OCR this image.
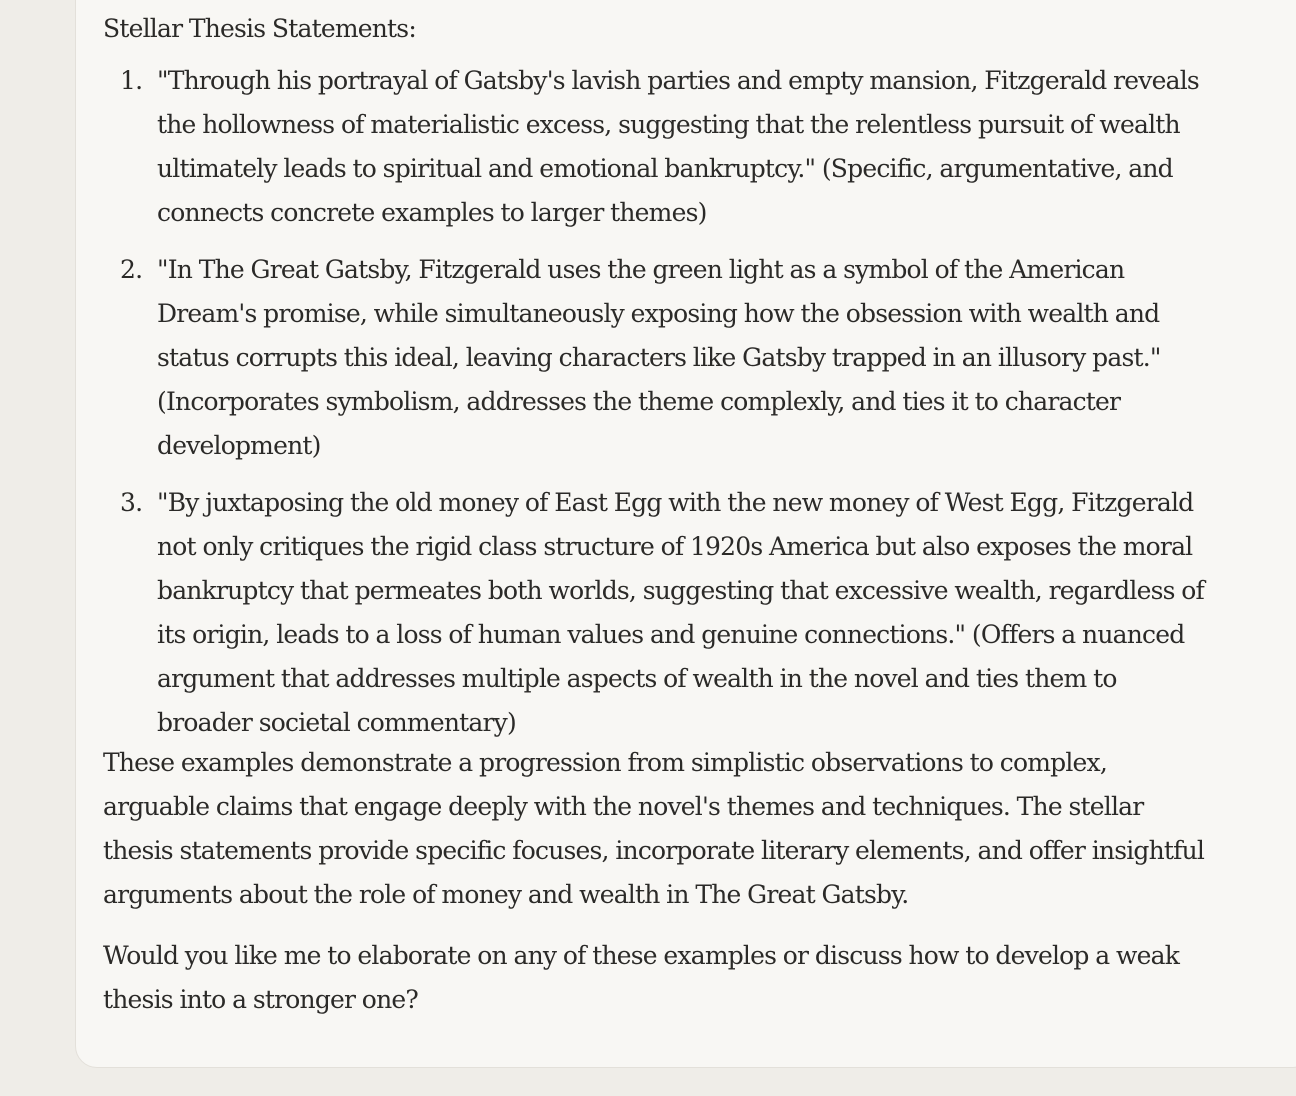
Stellar Thesis Statements:
1. "Through his portrayal of Gatsby's lavish parties and empty mansion, Fitzgerald reveals the hollowness of materialistic excess, suggesting that the relentless pursuit of wealth ultimately leads to spiritual and emotional bankruptcy." (Specific, argumentative, and connects concrete examples to larger themes)
2. "In The Great Gatsby, Fitzgerald uses the green light as a symbol of the American Dream's promise, while simultaneously exposing how the obsession with wealth and status corrupts this ideal, leaving characters like Gatsby trapped in an illusory past." (Incorporates symbolism, addresses the theme complexly, and ties it to character development)
3. "By juxtaposing the old money of East Egg with the new money of West Egg, Fitzgerald not only critiques the rigid class structure of 1920s America but also exposes the moral bankruptcy that permeates both worlds, suggesting that excessive wealth, regardless of its origin, leads to a loss of human values and genuine connections." (Offers a nuanced argument that addresses multiple aspects of wealth in the novel and ties them to broader societal commentary)

These examples demonstrate a progression from simplistic observations to complex, arguable claims that engage deeply with the novel's themes and techniques. The stellar thesis statements provide specific focuses, incorporate literary elements, and offer insightful arguments about the role of money and wealth in The Great Gatsby.

Would you like me to elaborate on any of these examples or discuss how to develop a weak thesis into a stronger one?
